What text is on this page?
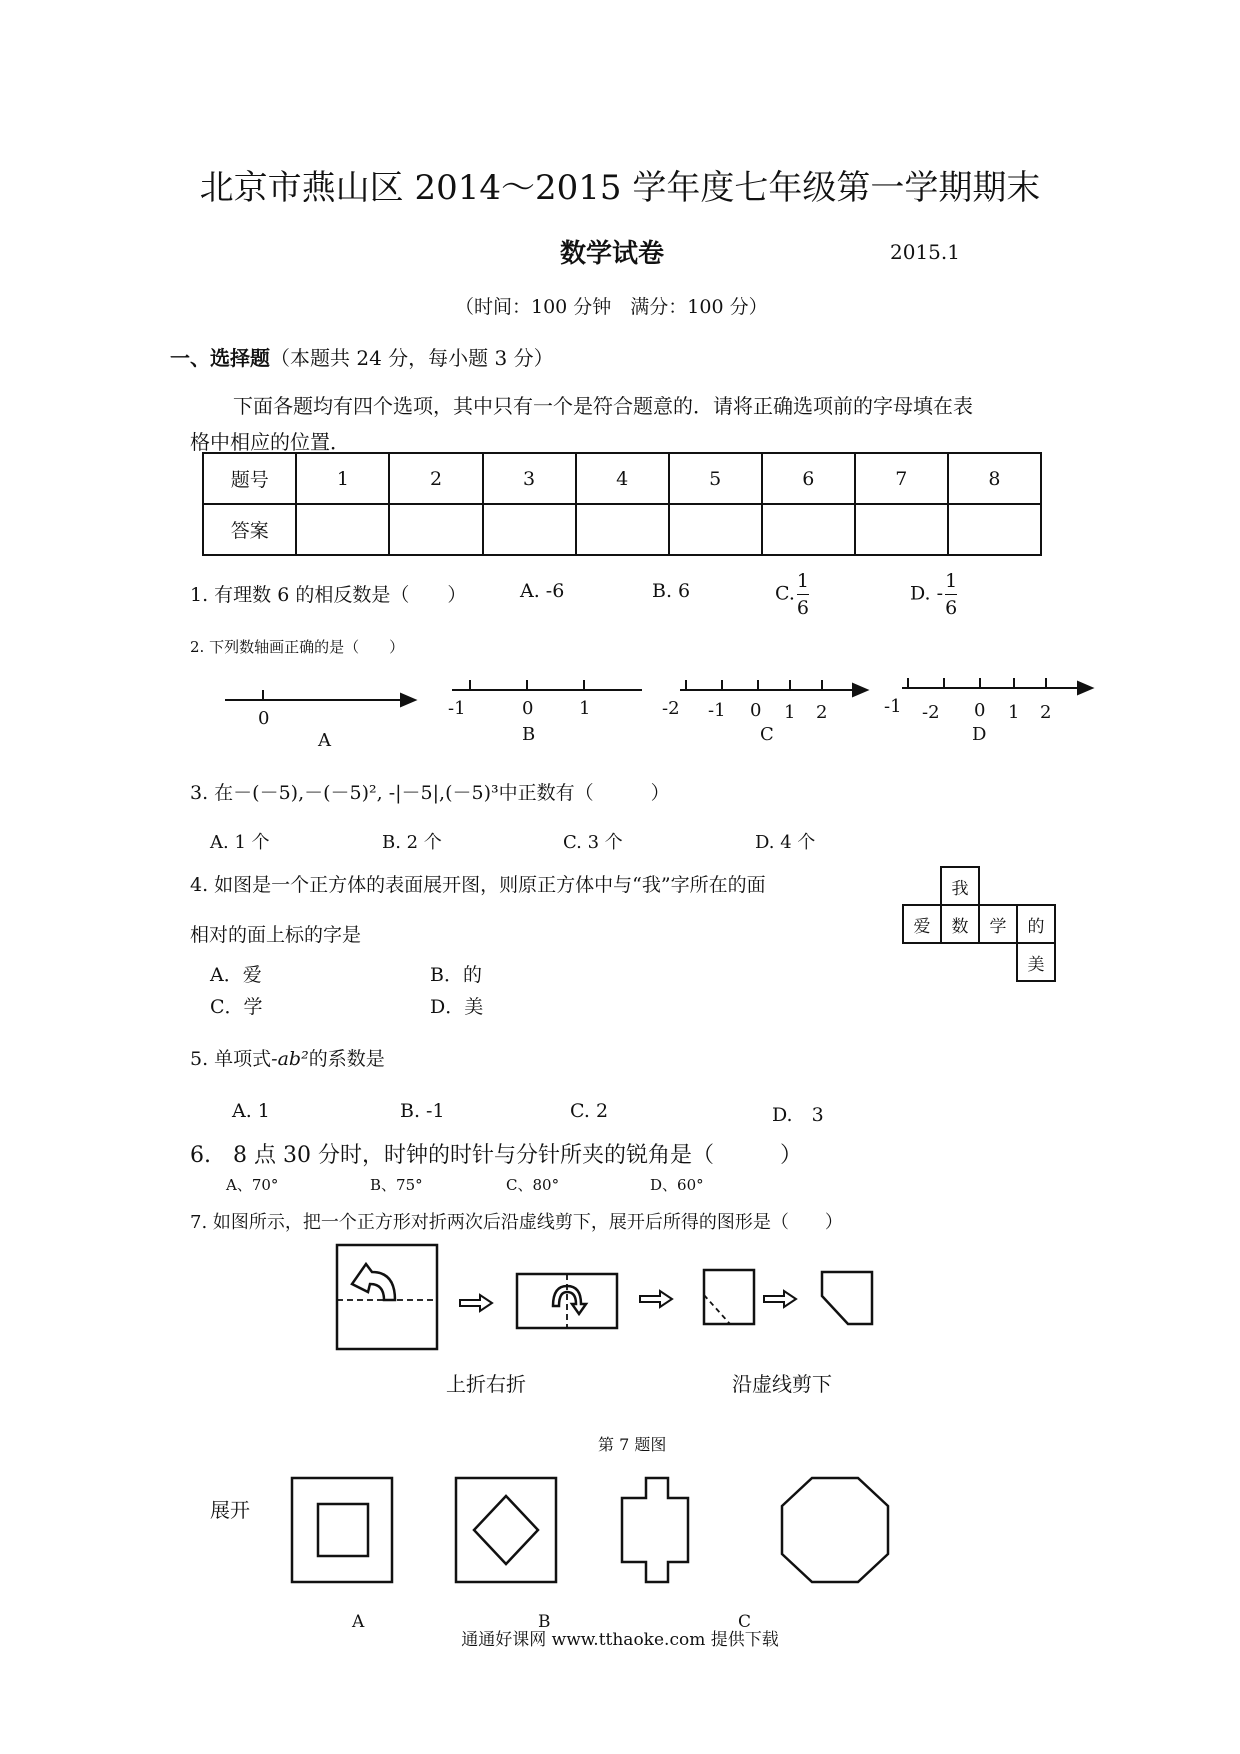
北京市燕山区 2014～2015 学年度七年级第一学期期末
数学试卷	2015.1
（时间：100 分钟　满分：100 分）
一、选择题（本题共 24 分，每小题 3 分）
下面各题均有四个选项，其中只有一个是符合题意的．请将正确选项前的字母填在表
格中相应的位置．
题号	1	2	3	4	5	6	7	8
答案								
1. 有理数 6 的相反数是（　　）	A. -6	B. 6	C. $\frac{1}{6}$	D. - $\frac{1}{6}$
2. 下列数轴画正确的是（　　）
0
A
-1	0	1
B
-2 -1 0 1 2
C
-1 -2 0 1 2
D
3. 在－(－5),－(－5)², -|－5|,(－5)³中正数有（　　　）
A. 1 个	B. 2 个	C. 3 个	D. 4 个
4. 如图是一个正方体的表面展开图，则原正方体中与“我”字所在的面
相对的面上标的字是
A．爱	B．的
C．学	D．美
	我		
爱	数	学	的
			美
5. 单项式-ab²的系数是
A. 1	B. -1	C. 2	D.　3
6.　8 点 30 分时，时钟的时针与分针所夹的锐角是（　　　）
A、70°	B、75°	C、80°	D、60°
7. 如图所示，把一个正方形对折两次后沿虚线剪下，展开后所得的图形是（　　）
上折右折	沿虚线剪下
第 7 题图
展开
A	B	C
通通好课网 www.tthaoke.com 提供下载
